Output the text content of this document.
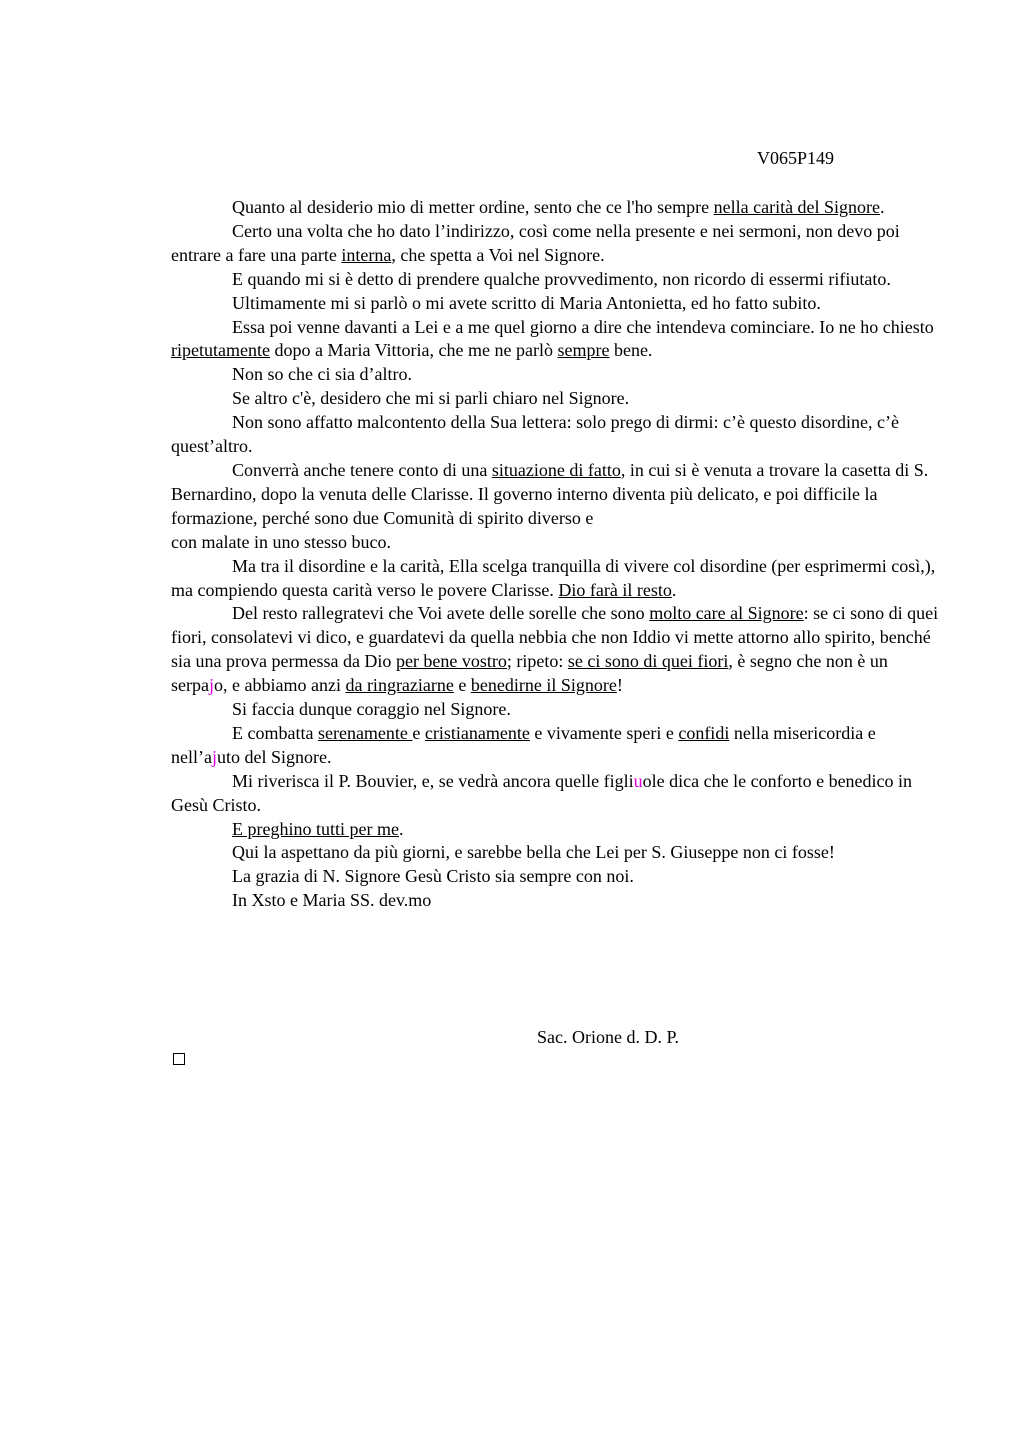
V065P149

Quanto al desiderio mio di metter ordine, sento che ce l'ho sempre nella carità del Signore.

Certo una volta che ho dato l’indirizzo, così come nella presente e nei sermoni, non devo poi entrare a fare una parte interna, che spetta a Voi nel Signore.

E quando mi si è detto di prendere qualche provvedimento, non ricordo di essermi rifiutato.

Ultimamente mi si parlò o mi avete scritto di Maria Antonietta, ed ho fatto subito.

Essa poi venne davanti a Lei e a me quel giorno a dire che intendeva cominciare. Io ne ho chiesto ripetutamente dopo a Maria Vittoria, che me ne parlò sempre bene.

Non so che ci sia d’altro.

Se altro c'è, desidero che mi si parli chiaro nel Signore.

Non sono affatto malcontento della Sua lettera: solo prego di dirmi: c’è questo disordine, c’è quest’altro.

Converrà anche tenere conto di una situazione di fatto, in cui si è venuta a trovare la casetta di S. Bernardino, dopo la venuta delle Clarisse. Il governo interno diventa più delicato, e poi difficile la formazione, perché sono due Comunità di spirito diverso e
con malate in uno stesso buco.

Ma tra il disordine e la carità, Ella scelga tranquilla di vivere col disordine (per esprimermi così,), ma compiendo questa carità verso le povere Clarisse. Dio farà il resto.

Del resto rallegratevi che Voi avete delle sorelle che sono molto care al Signore: se ci sono di quei fiori, consolatevi vi dico, e guardatevi da quella nebbia che non Iddio vi mette attorno allo spirito, benché sia una prova permessa da Dio per bene vostro; ripeto: se ci sono di quei fiori, è segno che non è un serpajo, e abbiamo anzi da ringraziarne e benedirne il Signore!

Si faccia dunque coraggio nel Signore.

E combatta serenamente e cristianamente e vivamente speri e confidi nella misericordia e nell’ajuto del Signore.

Mi riverisca il P. Bouvier, e, se vedrà ancora quelle figliuole dica che le conforto e benedico in Gesù Cristo.

E preghino tutti per me.

Qui la aspettano da più giorni, e sarebbe bella che Lei per S. Giuseppe non ci fosse!

La grazia di N. Signore Gesù Cristo sia sempre con noi.

In Xsto e Maria SS. dev.mo

Sac. Orione d. D. P.
